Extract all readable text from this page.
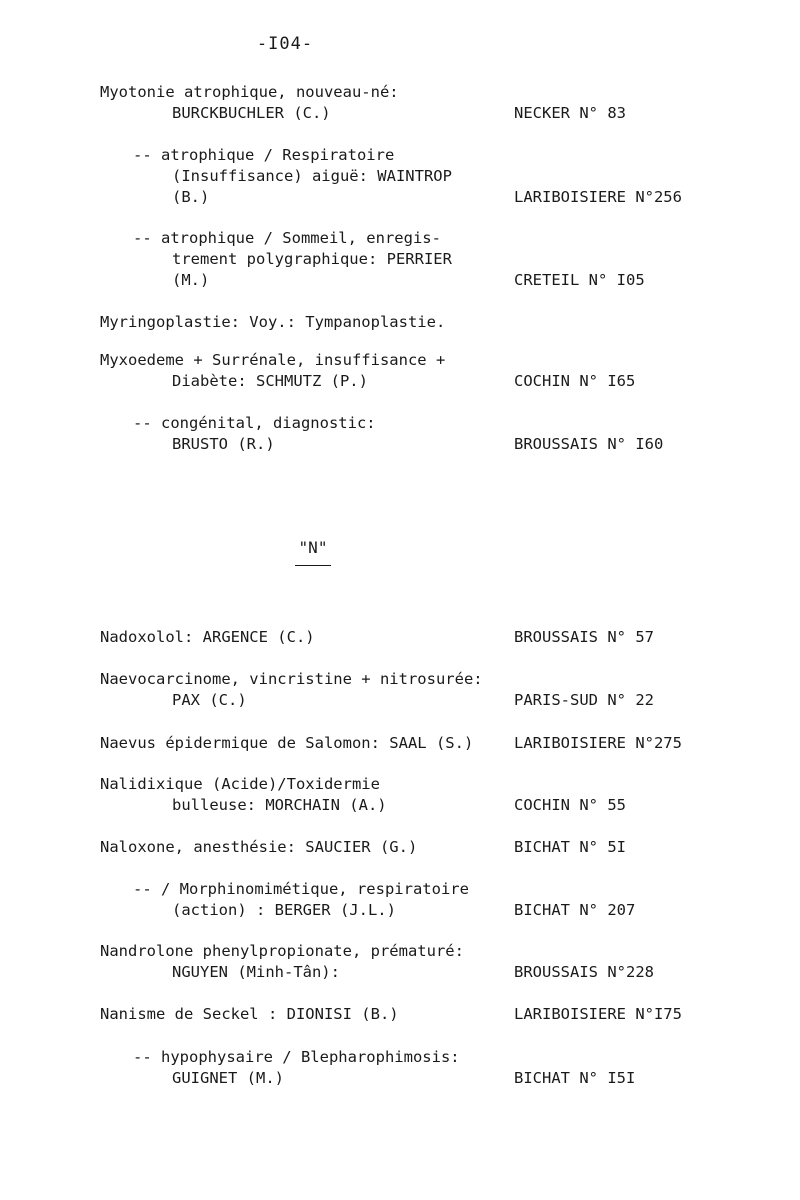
-I04-
Myotonie atrophique, nouveau-né:
BURCKBUCHLER (C.)	NECKER N° 83
-- atrophique / Respiratoire
(Insuffisance) aiguë: WAINTROP
(B.)	LARIBOISIERE N°256
-- atrophique / Sommeil, enregis-
trement polygraphique: PERRIER
(M.)	CRETEIL N° I05
Myringoplastie: Voy.: Tympanoplastie.
Myxoedeme + Surrénale, insuffisance +
Diabète: SCHMUTZ (P.)	COCHIN N° I65
-- congénital, diagnostic:
BRUSTO (R.)	BROUSSAIS N° I60
"N"
Nadoxolol: ARGENCE (C.)	BROUSSAIS N° 57
Naevocarcinome, vincristine + nitrosurée:
PAX (C.)	PARIS-SUD N° 22
Naevus épidermique de Salomon: SAAL (S.)	LARIBOISIERE N°275
Nalidixique (Acide)/Toxidermie
bulleuse: MORCHAIN (A.)	COCHIN N° 55
Naloxone, anesthésie: SAUCIER (G.)	BICHAT N° 5I
-- / Morphinomimétique, respiratoire
(action) : BERGER (J.L.)	BICHAT N° 207
Nandrolone phenylpropionate, prématuré:
NGUYEN (Minh-Tân):	BROUSSAIS N°228
Nanisme de Seckel : DIONISI (B.)	LARIBOISIERE N°I75
-- hypophysaire / Blepharophimosis:
GUIGNET (M.)	BICHAT N° I5I
